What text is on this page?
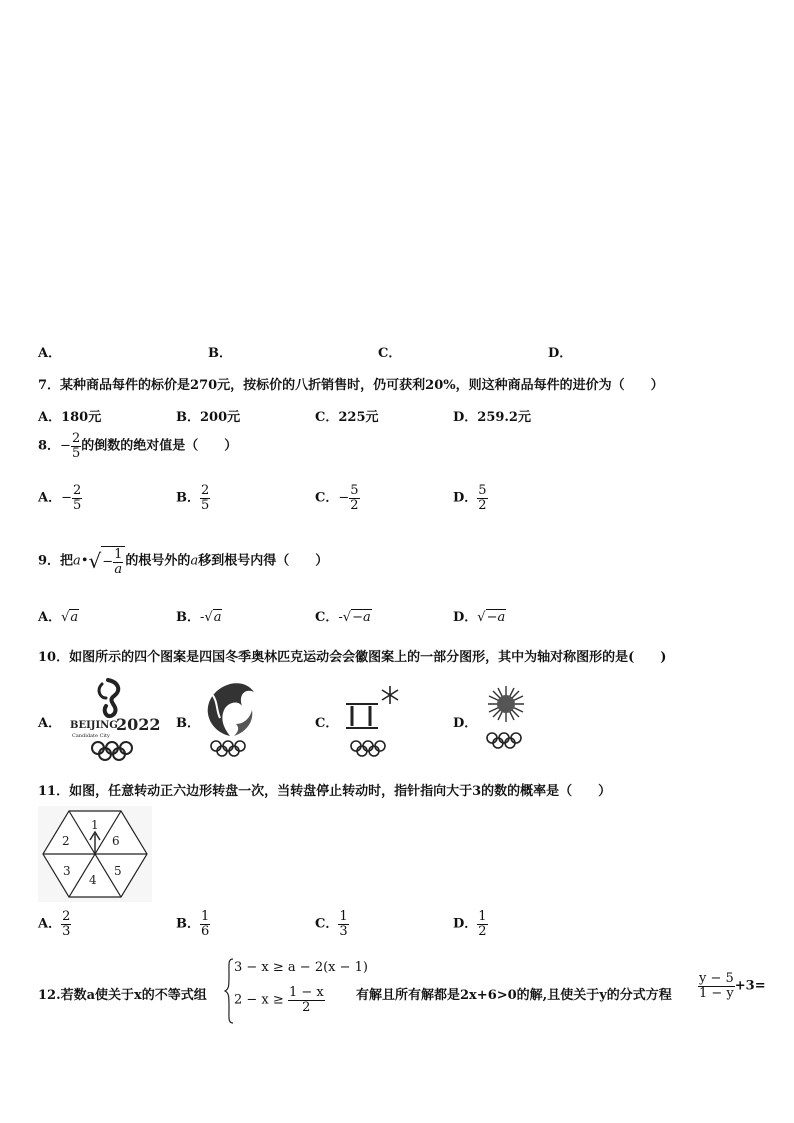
A．	B．	C．	D．
7．某种商品每件的标价是270元，按标价的八折销售时，仍可获利20%，则这种商品每件的进价为（　　）
A．180元	B．200元	C．225元	D．259.2元
8．− $\frac{2}{5}$ 的倒数的绝对值是（　　）
A．− $\frac{2}{5}$	B． $\frac{2}{5}$	C．− $\frac{5}{2}$	D． $\frac{5}{2}$
9．把a•√− $\frac{1}{a}$ 的根号外的a移到根号内得（　　）
A．√a	B．-√a	C．-√−a	D．√−a
10．如图所示的四个图案是四国冬季奥林匹克运动会会徽图案上的一部分图形，其中为轴对称图形的是(　　)
A． BEIJING
2022
Candidate City
B．	C．	D．
11．如图，任意转动正六边形转盘一次，当转盘停止转动时，指针指向大于3的数的概率是（　　）
1
6
5
4
3
2
A． $\frac{2}{3}$	B． $\frac{1}{6}$	C． $\frac{1}{3}$	D． $\frac{1}{2}$
12.若数a使关于x的不等式组
3 − x ≥ a − 2(x − 1)
$2 - x \ge \frac{1 - x}{2}$ 有解且所有解都是2x+6>0的解,且使关于y的分式方程 $\frac{y - 5}{1 - y} +3=$
